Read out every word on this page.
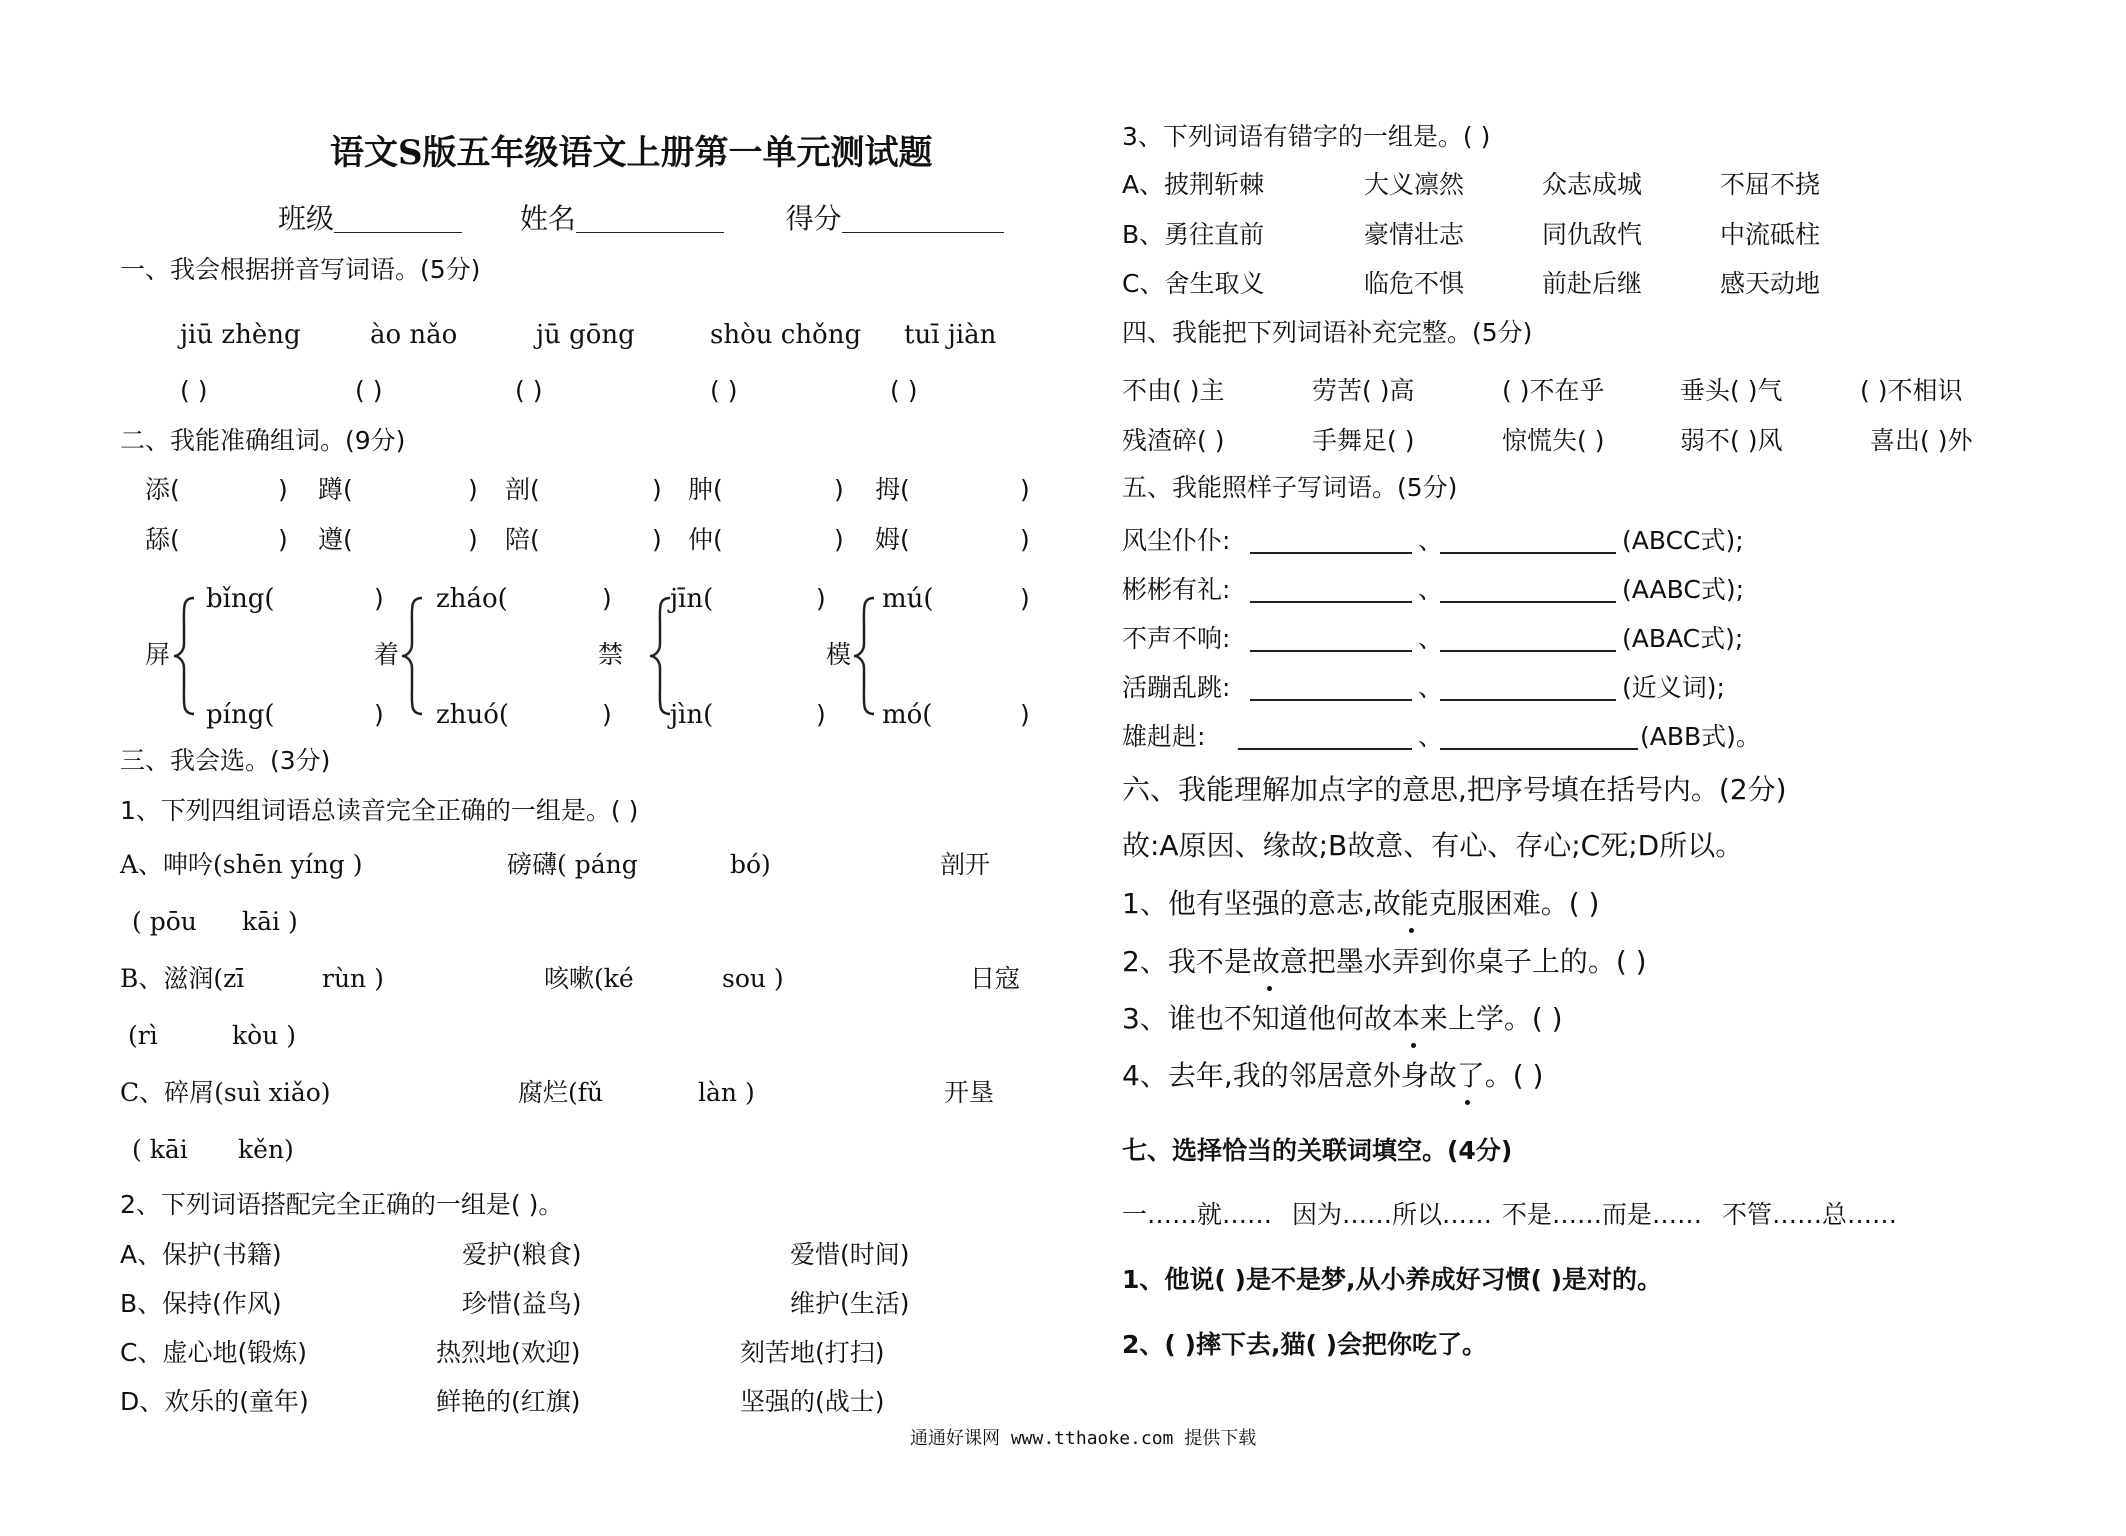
语文S版五年级语文上册第一单元测试题
班级	姓名	得分
一、我会根据拼音写词语。(5分)
jiū zhèng	ào nǎo	jū gōng	shòu chǒng tuī jiàn
( )	( )	( )	( )	( )
二、我能准确组词。(9分)
添(	) 蹲(	) 剖(	) 肿(	) 拇(	)
舔(	) 遵(	) 陪(	) 仲(	) 姆(	)
屏
bǐng(	)
píng(	)
着
zháo(	)
zhuó(	)
禁
jīn(	)
jìn(	)
模
mú(	)
mó(	)
三、我会选。(3分)
1、下列四组词语总读音完全正确的一组是。( )
A、呻吟(shēn yíng )	磅礴( páng	bó)	剖开
( pōu kāi )
B、滋润(zī	rùn )	咳嗽(ké	sou )	日寇
(rì	kòu )
C、碎屑(suì xiǎo)	腐烂(fǔ	làn )	开垦
( kāi kěn)
2、下列词语搭配完全正确的一组是( )。
A、保护(书籍)	爱护(粮食)	爱惜(时间)
B、保持(作风)	珍惜(益鸟)	维护(生活)
C、虚心地(锻炼)	热烈地(欢迎)	刻苦地(打扫)
D、欢乐的(童年)	鲜艳的(红旗)	坚强的(战士)
3、下列词语有错字的一组是。( )
A、披荆斩棘	大义凛然	众志成城	不屈不挠
B、勇往直前	豪情壮志	同仇敌忾	中流砥柱
C、舍生取义	临危不惧	前赴后继	感天动地
四、我能把下列词语补充完整。(5分)
不由( )主	劳苦( )高	( )不在乎	垂头( )气	( )不相识
残渣碎( )	手舞足( )	惊慌失( )	弱不( )风	喜出( )外
五、我能照样子写词语。(5分)
风尘仆仆:	、	(ABCC式);
彬彬有礼:	、	(AABC式);
不声不响:	、	(ABAC式);
活蹦乱跳:	、	(近义词);
雄赳赳:	、	(ABB式)。
六、我能理解加点字的意思,把序号填在括号内。(2分)
故:A原因、缘故;B故意、有心、存心;C死;D所以。
1、他有坚强的意志,故能克服困难。( )
2、我不是故意把墨水弄到你桌子上的。( )
3、谁也不知道他何故本来上学。( )
4、去年,我的邻居意外身故了。( )
七、选择恰当的关联词填空。(4分)
一……就…… 因为……所以…… 不是……而是…… 不管……总……
1、他说( )是不是梦,从小养成好习惯( )是对的。
2、( )摔下去,猫( )会把你吃了。
通通好课网 www.tthaoke.com 提供下载
